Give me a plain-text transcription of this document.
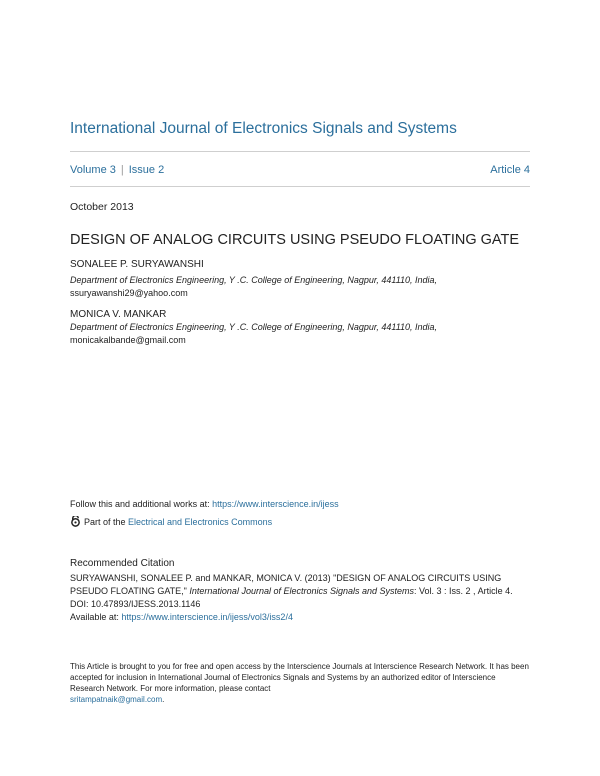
International Journal of Electronics Signals and Systems
Volume 3 | Issue 2	Article 4
October 2013
DESIGN OF ANALOG CIRCUITS USING PSEUDO FLOATING GATE
SONALEE P. SURYAWANSHI
Department of Electronics Engineering, Y .C. College of Engineering, Nagpur, 441110, India,
ssuryawanshi29@yahoo.com
MONICA V. MANKAR
Department of Electronics Engineering, Y .C. College of Engineering, Nagpur, 441110, India,
monicakalbande@gmail.com
Follow this and additional works at: https://www.interscience.in/ijess
Part of the Electrical and Electronics Commons
Recommended Citation
SURYAWANSHI, SONALEE P. and MANKAR, MONICA V. (2013) "DESIGN OF ANALOG CIRCUITS USING PSEUDO FLOATING GATE," International Journal of Electronics Signals and Systems: Vol. 3 : Iss. 2 , Article 4.
DOI: 10.47893/IJESS.2013.1146
Available at: https://www.interscience.in/ijess/vol3/iss2/4
This Article is brought to you for free and open access by the Interscience Journals at Interscience Research Network. It has been accepted for inclusion in International Journal of Electronics Signals and Systems by an authorized editor of Interscience Research Network. For more information, please contact
sritampatnaik@gmail.com.
